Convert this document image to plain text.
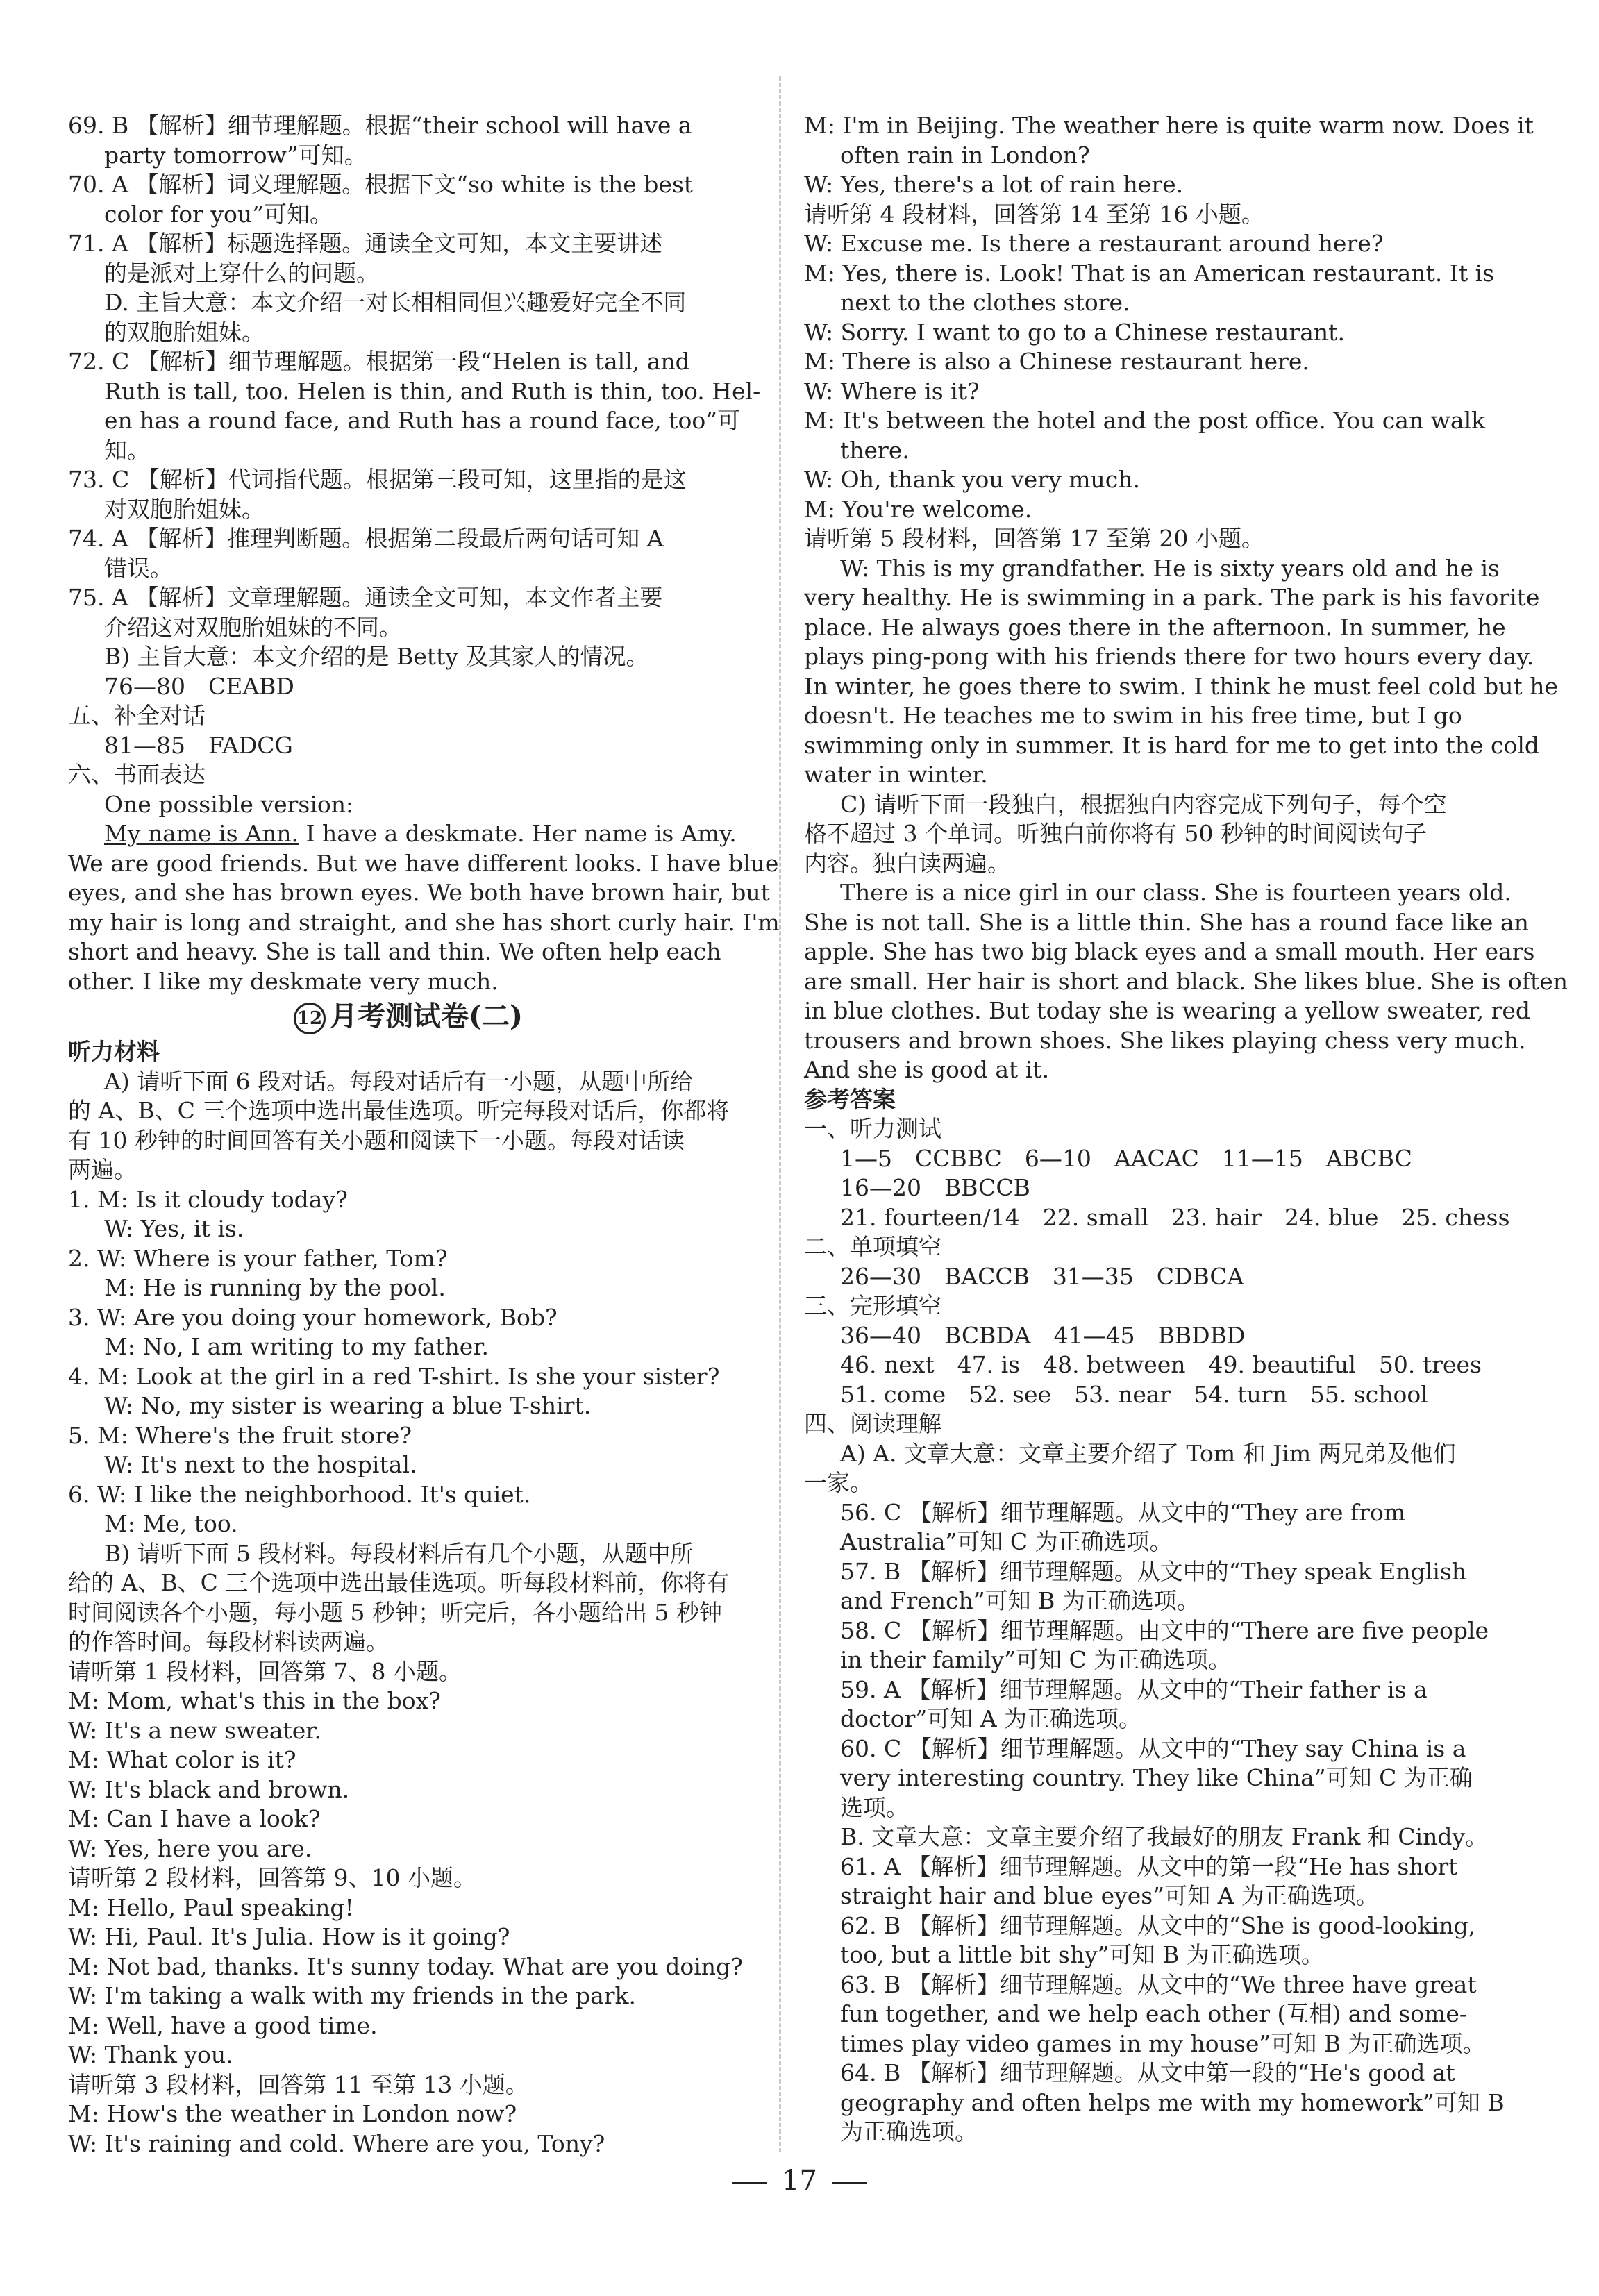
69. B 【解析】细节理解题。根据“their school will have a
party tomorrow”可知。
70. A 【解析】词义理解题。根据下文“so white is the best
color for you”可知。
71. A 【解析】标题选择题。通读全文可知，本文主要讲述
的是派对上穿什么的问题。
D. 主旨大意：本文介绍一对长相相同但兴趣爱好完全不同
的双胞胎姐妹。
72. C 【解析】细节理解题。根据第一段“Helen is tall, and
Ruth is tall, too. Helen is thin, and Ruth is thin, too. Hel-
en has a round face, and Ruth has a round face, too”可
知。
73. C 【解析】代词指代题。根据第三段可知，这里指的是这
对双胞胎姐妹。
74. A 【解析】推理判断题。根据第二段最后两句话可知 A
错误。
75. A 【解析】文章理解题。通读全文可知，本文作者主要
介绍这对双胞胎姐妹的不同。
B) 主旨大意：本文介绍的是 Betty 及其家人的情况。
76—80　CEABD
五、补全对话
81—85　FADCG
六、书面表达
One possible version:
My name is Ann. I have a deskmate. Her name is Amy.
We are good friends. But we have different looks. I have blue
eyes, and she has brown eyes. We both have brown hair, but
my hair is long and straight, and she has short curly hair. I'm
short and heavy. She is tall and thin. We often help each
other. I like my deskmate very much.
12 月考测试卷(二)
听力材料
A) 请听下面 6 段对话。每段对话后有一小题，从题中所给
的 A、B、C 三个选项中选出最佳选项。听完每段对话后，你都将
有 10 秒钟的时间回答有关小题和阅读下一小题。每段对话读
两遍。
1. M: Is it cloudy today?
W: Yes, it is.
2. W: Where is your father, Tom?
M: He is running by the pool.
3. W: Are you doing your homework, Bob?
M: No, I am writing to my father.
4. M: Look at the girl in a red T-shirt. Is she your sister?
W: No, my sister is wearing a blue T-shirt.
5. M: Where's the fruit store?
W: It's next to the hospital.
6. W: I like the neighborhood. It's quiet.
M: Me, too.
B) 请听下面 5 段材料。每段材料后有几个小题，从题中所
给的 A、B、C 三个选项中选出最佳选项。听每段材料前，你将有
时间阅读各个小题，每小题 5 秒钟；听完后，各小题给出 5 秒钟
的作答时间。每段材料读两遍。
请听第 1 段材料，回答第 7、8 小题。
M: Mom, what's this in the box?
W: It's a new sweater.
M: What color is it?
W: It's black and brown.
M: Can I have a look?
W: Yes, here you are.
请听第 2 段材料，回答第 9、10 小题。
M: Hello, Paul speaking!
W: Hi, Paul. It's Julia. How is it going?
M: Not bad, thanks. It's sunny today. What are you doing?
W: I'm taking a walk with my friends in the park.
M: Well, have a good time.
W: Thank you.
请听第 3 段材料，回答第 11 至第 13 小题。
M: How's the weather in London now?
W: It's raining and cold. Where are you, Tony?
M: I'm in Beijing. The weather here is quite warm now. Does it
often rain in London?
W: Yes, there's a lot of rain here.
请听第 4 段材料，回答第 14 至第 16 小题。
W: Excuse me. Is there a restaurant around here?
M: Yes, there is. Look! That is an American restaurant. It is
next to the clothes store.
W: Sorry. I want to go to a Chinese restaurant.
M: There is also a Chinese restaurant here.
W: Where is it?
M: It's between the hotel and the post office. You can walk
there.
W: Oh, thank you very much.
M: You're welcome.
请听第 5 段材料，回答第 17 至第 20 小题。
W: This is my grandfather. He is sixty years old and he is
very healthy. He is swimming in a park. The park is his favorite
place. He always goes there in the afternoon. In summer, he
plays ping-pong with his friends there for two hours every day.
In winter, he goes there to swim. I think he must feel cold but he
doesn't. He teaches me to swim in his free time, but I go
swimming only in summer. It is hard for me to get into the cold
water in winter.
C) 请听下面一段独白，根据独白内容完成下列句子，每个空
格不超过 3 个单词。听独白前你将有 50 秒钟的时间阅读句子
内容。独白读两遍。
There is a nice girl in our class. She is fourteen years old.
She is not tall. She is a little thin. She has a round face like an
apple. She has two big black eyes and a small mouth. Her ears
are small. Her hair is short and black. She likes blue. She is often
in blue clothes. But today she is wearing a yellow sweater, red
trousers and brown shoes. She likes playing chess very much.
And she is good at it.
参考答案
一、听力测试
1—5　CCBBC　6—10　AACAC　11—15　ABCBC
16—20　BBCCB
21. fourteen/14　22. small　23. hair　24. blue　25. chess
二、单项填空
26—30　BACCB　31—35　CDBCA
三、完形填空
36—40　BCBDA　41—45　BBDBD
46. next　47. is　48. between　49. beautiful　50. trees
51. come　52. see　53. near　54. turn　55. school
四、阅读理解
A) A. 文章大意：文章主要介绍了 Tom 和 Jim 两兄弟及他们
一家。
56. C 【解析】细节理解题。从文中的“They are from
Australia”可知 C 为正确选项。
57. B 【解析】细节理解题。从文中的“They speak English
and French”可知 B 为正确选项。
58. C 【解析】细节理解题。由文中的“There are five people
in their family”可知 C 为正确选项。
59. A 【解析】细节理解题。从文中的“Their father is a
doctor”可知 A 为正确选项。
60. C 【解析】细节理解题。从文中的“They say China is a
very interesting country. They like China”可知 C 为正确
选项。
B. 文章大意：文章主要介绍了我最好的朋友 Frank 和 Cindy。
61. A 【解析】细节理解题。从文中的第一段“He has short
straight hair and blue eyes”可知 A 为正确选项。
62. B 【解析】细节理解题。从文中的“She is good-looking,
too, but a little bit shy”可知 B 为正确选项。
63. B 【解析】细节理解题。从文中的“We three have great
fun together, and we help each other (互相) and some-
times play video games in my house”可知 B 为正确选项。
64. B 【解析】细节理解题。从文中第一段的“He's good at
geography and often helps me with my homework”可知 B
为正确选项。
17
